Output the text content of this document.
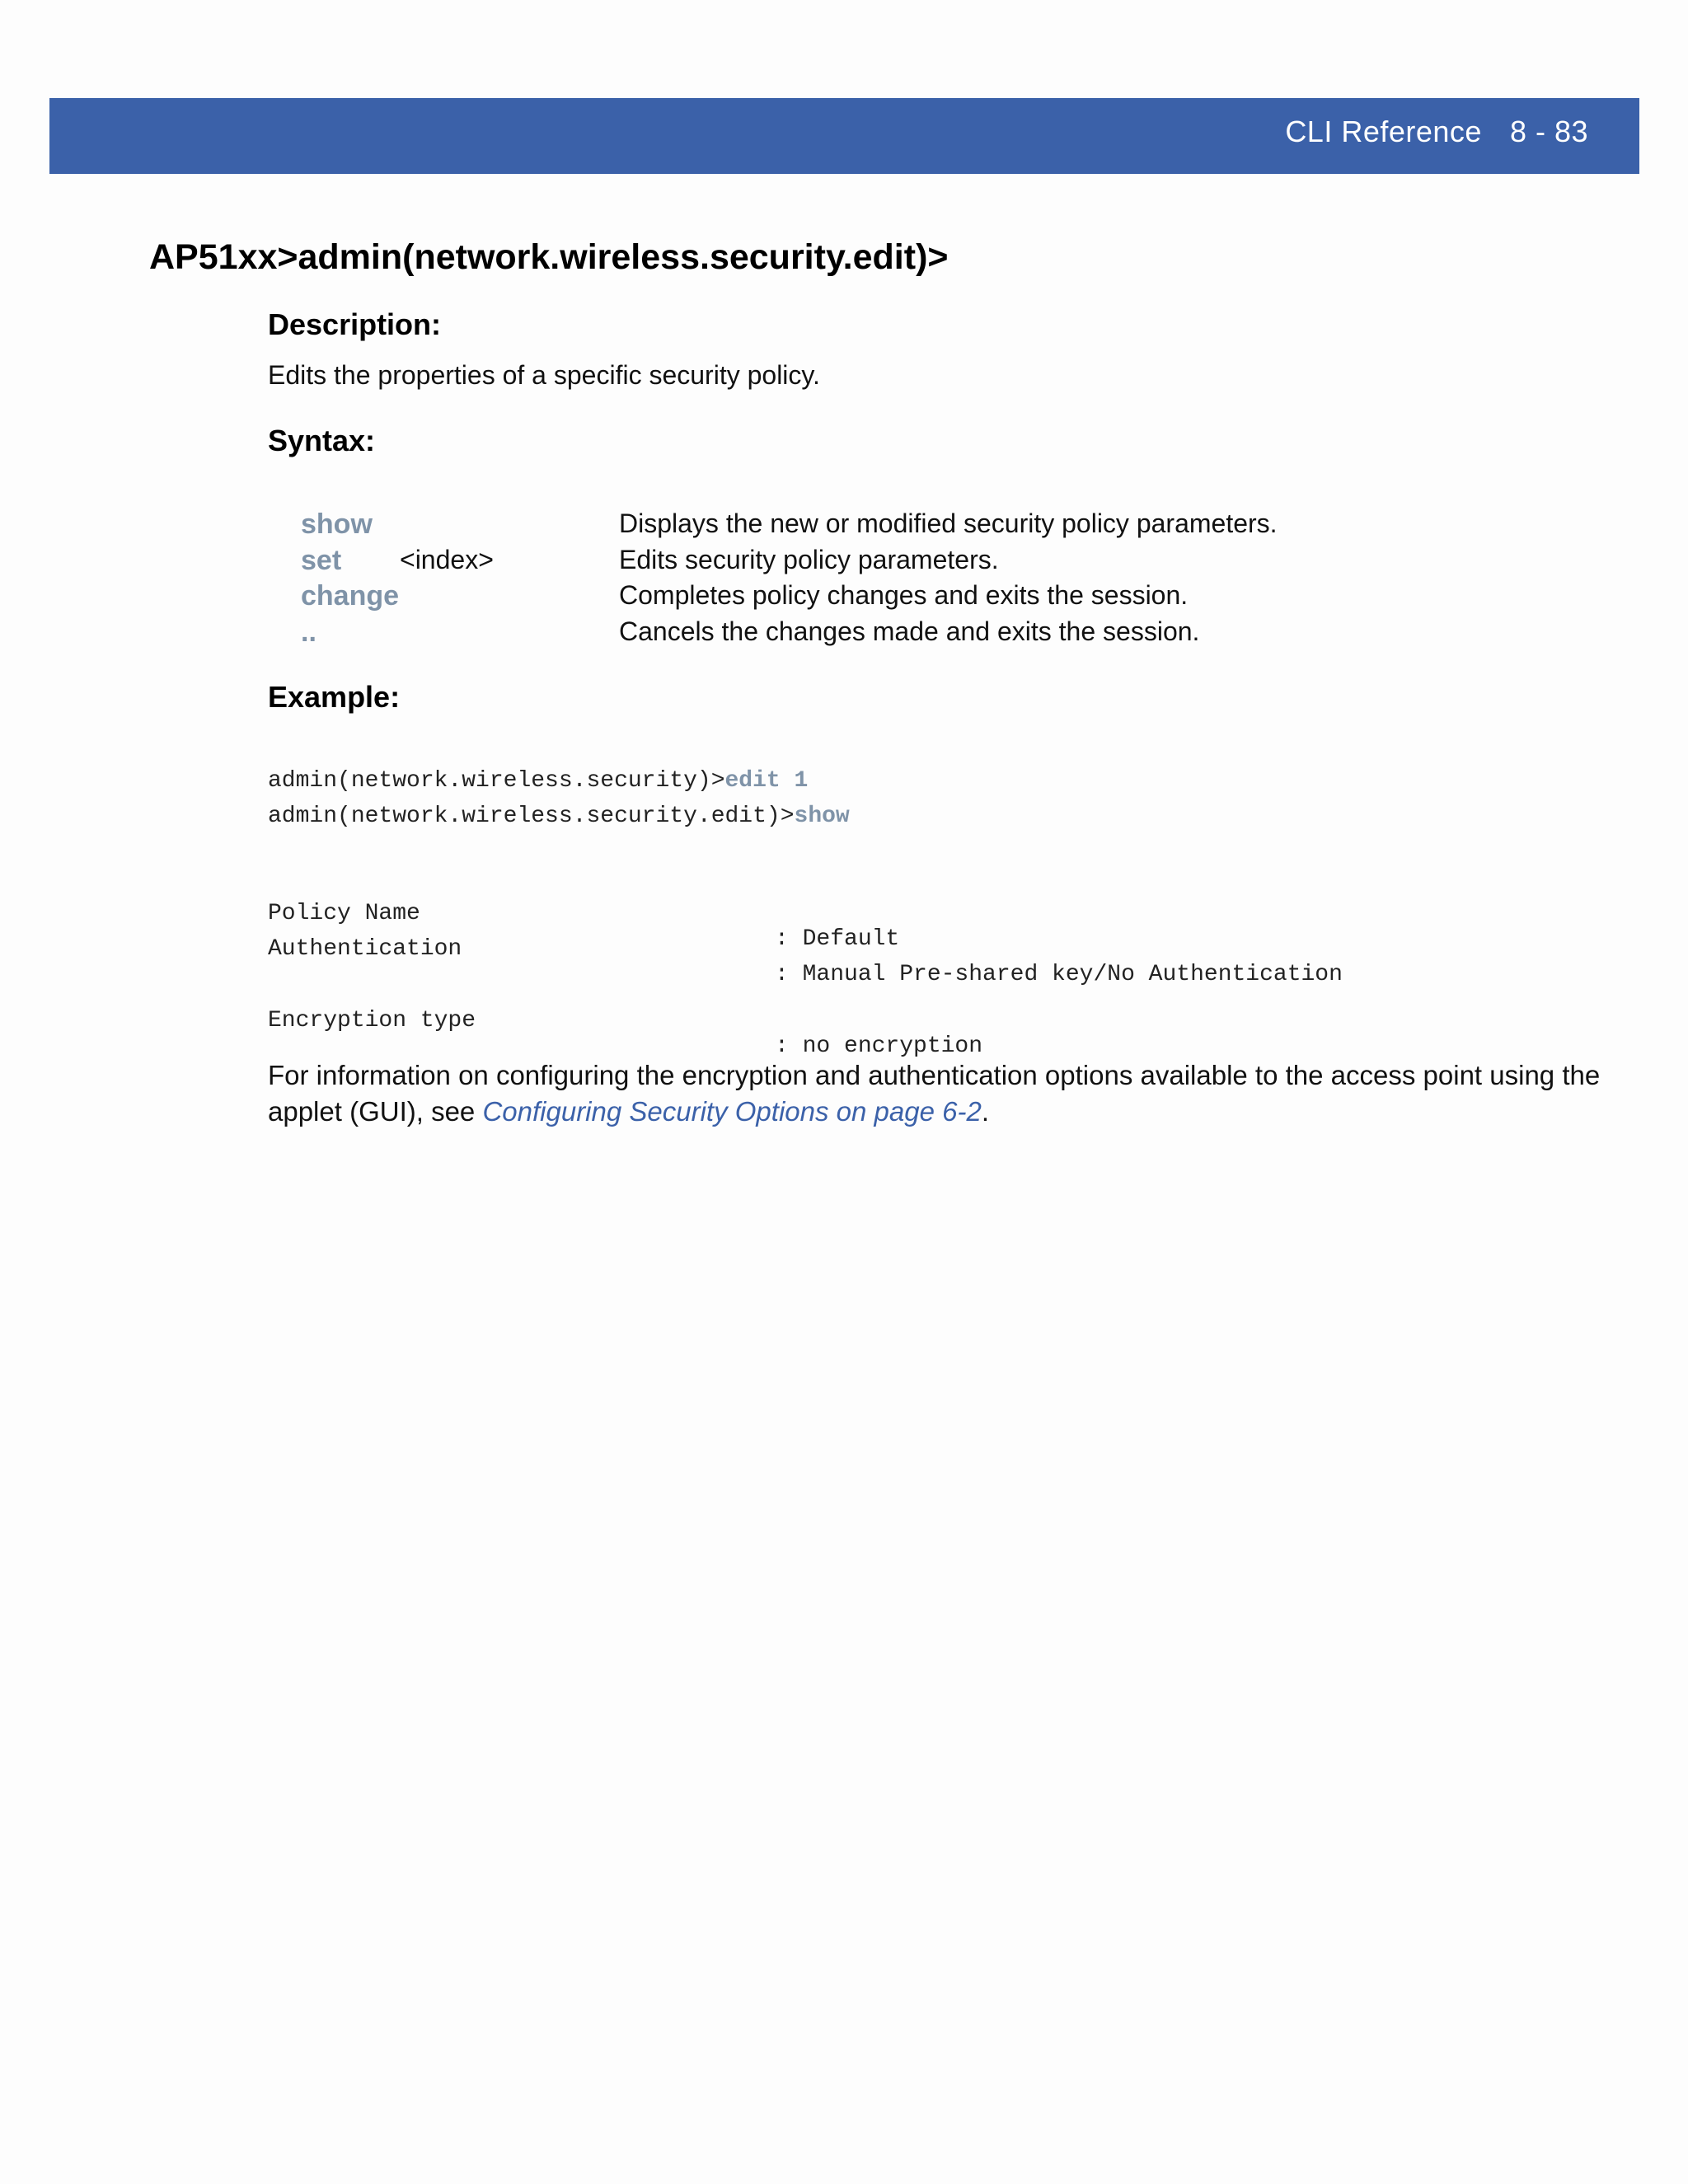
CLI Reference 8 - 83
AP51xx>admin(network.wireless.security.edit)>
Description:
Edits the properties of a specific security policy.
Syntax:
show	Displays the new or modified security policy parameters.
set <index>	Edits security policy parameters.
change	Completes policy changes and exits the session.
..	Cancels the changes made and exits the session.
Example:
admin(network.wireless.security)>edit 1
admin(network.wireless.security.edit)>show

Policy Name

: Default

Authentication

: Manual Pre-shared key/No Authentication

Encryption type

: no encryption

For information on configuring the encryption and authentication options available to the access point using the applet (GUI), see Configuring Security Options on page 6-2.
